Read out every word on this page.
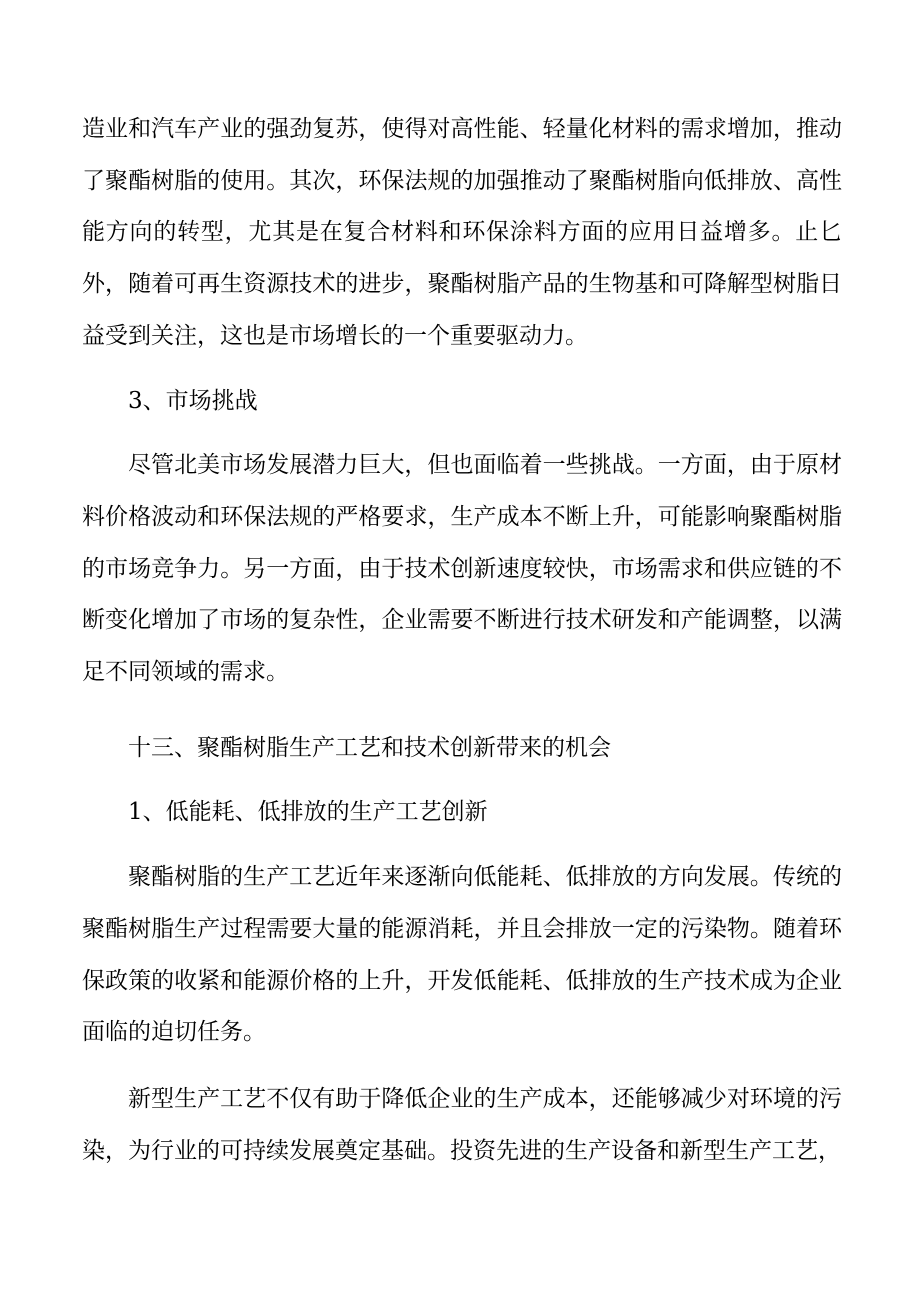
造业和汽车产业的强劲复苏，使得对高性能、轻量化材料的需求增加，推动了聚酯树脂的使用。其次，环保法规的加强推动了聚酯树脂向低排放、高性能方向的转型，尤其是在复合材料和环保涂料方面的应用日益增多。止匕外，随着可再生资源技术的进步，聚酯树脂产品的生物基和可降解型树脂日益受到关注，这也是市场增长的一个重要驱动力。

3、市场挑战

尽管北美市场发展潜力巨大，但也面临着一些挑战。一方面，由于原材料价格波动和环保法规的严格要求，生产成本不断上升，可能影响聚酯树脂的市场竞争力。另一方面，由于技术创新速度较快，市场需求和供应链的不断变化增加了市场的复杂性，企业需要不断进行技术研发和产能调整，以满足不同领域的需求。

十三、聚酯树脂生产工艺和技术创新带来的机会

1、低能耗、低排放的生产工艺创新

聚酯树脂的生产工艺近年来逐渐向低能耗、低排放的方向发展。传统的聚酯树脂生产过程需要大量的能源消耗，并且会排放一定的污染物。随着环保政策的收紧和能源价格的上升，开发低能耗、低排放的生产技术成为企业面临的迫切任务。

新型生产工艺不仅有助于降低企业的生产成本，还能够减少对环境的污染，为行业的可持续发展奠定基础。投资先进的生产设备和新型生产工艺，
